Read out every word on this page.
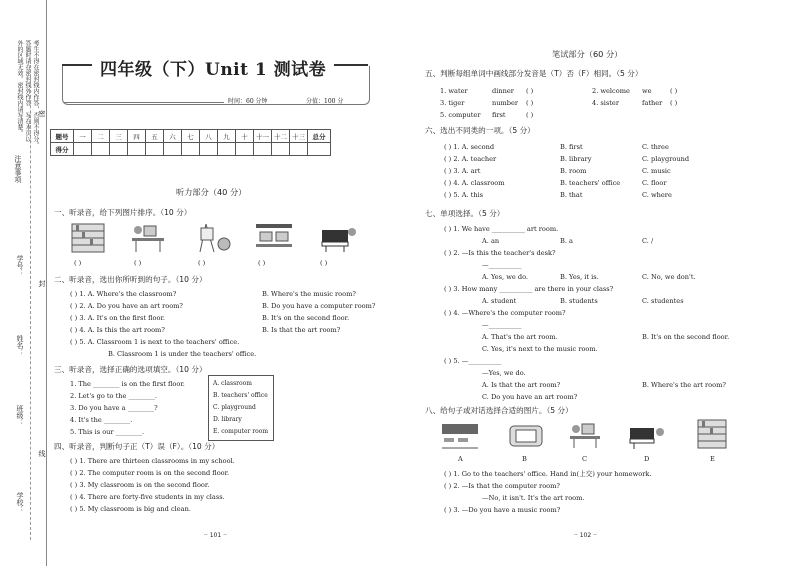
考生不得在密封线内作答，否则不得分。
答题时请在密封线外作答，写在本页以
外的区域无效。密封线内请写清楚。
注意事项
学号：
姓名：
班级：
学校：
密
封
线
四年级（下）Unit 1 测试卷
时间：60 分钟	分值：100 分
题号	一	二	三	四	五	六	七	八	九	十	十一	十二	十三	总分
得分														
听力部分（40 分）
一、听录音，给下列图片排序。（10 分）
( )	( )	( )	( )	( )
二、听录音，选出你所听到的句子。（10 分）
( ) 1. A. Where's the classroom?	B. Where's the music room?
( ) 2. A. Do you have an art room?	B. Do you have a computer room?
( ) 3. A. It's on the first floor.	B. It's on the second floor.
( ) 4. A. Is this the art room?	B. Is that the art room?
( ) 5. A. Classroom 1 is next to the teachers' office.
B. Classroom 1 is under the teachers' office.
三、听录音，选择正确的选项填空。（10 分）
1. The ________ is on the first floor.
2. Let's go to the ________.
3. Do you have a ________?
4. It's the ________.
5. This is our ________.
A. classroom
B. teachers' office
C. playground
D. library
E. computer room
四、听录音，判断句子正（T）误（F）。（10 分）
( ) 1. There are thirteen classrooms in my school.
( ) 2. The computer room is on the second floor.
( ) 3. My classroom is on the second floor.
( ) 4. There are forty-five students in my class.
( ) 5. My classroom is big and clean.
·· 101 ··
笔试部分（60 分）
五、判断每组单词中画线部分发音是（T）否（F）相同。（5 分）
1. water	dinner ( )	2. welcome we	( )
3. tiger	number ( )	4. sister	father ( )
5. computer first	( )
六、选出不同类的一项。（5 分）
( ) 1. A. second	B. first	C. three
( ) 2. A. teacher	B. library	C. playground
( ) 3. A. art	B. room	C. music
( ) 4. A. classroom	B. teachers' office	C. floor
( ) 5. A. this	B. that	C. where
七、单项选择。（5 分）
( ) 1. We have __________ art room.
A. an	B. a	C. /
( ) 2. —Is this the teacher's desk?
—__________
A. Yes, we do.	B. Yes, it is.	C. No, we don't.
( ) 3. How many __________ are there in your class?
A. student	B. students	C. studentes
( ) 4. —Where's the computer room?
—__________
A. That's the art room.	B. It's on the second floor.
C. Yes, it's next to the music room.
( ) 5. —__________
—Yes, we do.
A. Is that the art room?	B. Where's the art room?
C. Do you have an art room?
八、给句子或对话选择合适的图片。（5 分）
A	B	C	D	E
( ) 1. Go to the teachers' office. Hand in(上交) your homework.
( ) 2. —Is that the computer room?
—No, it isn't. It's the art room.
( ) 3. —Do you have a music room?
·· 102 ··
